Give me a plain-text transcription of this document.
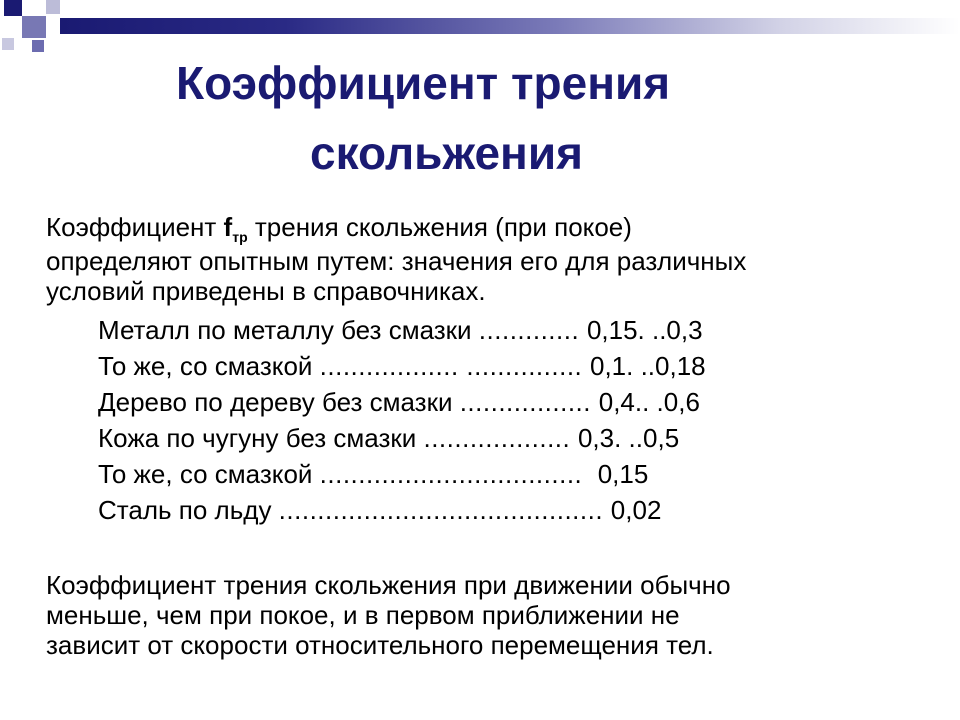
Коэффициент трения
скольжения
Коэффициент $f_{тр}$ трения скольжения (при покое)
определяют опытным путем: значения его для различных
условий приведены в справочниках.
Металл по металлу без смазки ............. 0,15. ..0,3
То же, со смазкой .................. ............... 0,1. ..0,18
Дерево по дереву без смазки ................. 0,4.. .0,6
Кожа по чугуну без смазки ................... 0,3. ..0,5
То же, со смазкой .................................. 0,15
Сталь по льду .......................................... 0,02
Коэффициент трения скольжения при движении обычно
меньше, чем при покое, и в первом приближении не
зависит от скорости относительного перемещения тел.
